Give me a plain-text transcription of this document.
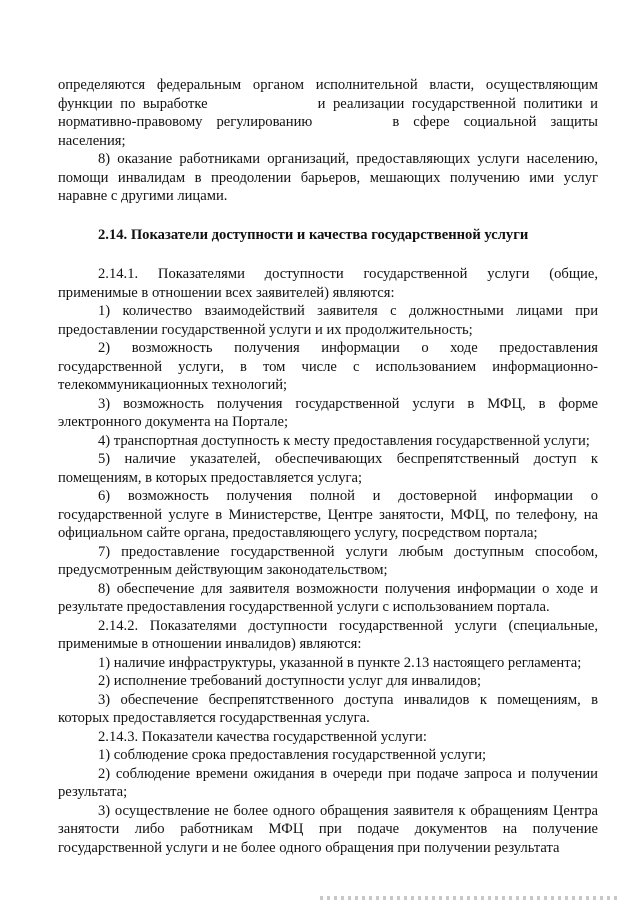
определяются федеральным органом исполнительной власти, осуществляющим функции по выработке	и реализации государственной политики и нормативно-правовому регулированию	в сфере социальной защиты населения;

8) оказание работниками организаций, предоставляющих услуги населению, помощи инвалидам в преодолении барьеров, мешающих получению ими услуг наравне с другими лицами.

2.14. Показатели доступности и качества государственной услуги

2.14.1. Показателями доступности государственной услуги (общие, применимые в отношении всех заявителей) являются:

1) количество взаимодействий заявителя с должностными лицами при предоставлении государственной услуги и их продолжительность;

2) возможность получения информации о ходе предоставления государственной услуги, в том числе с использованием информационно-телекоммуникационных технологий;

3) возможность получения государственной услуги в МФЦ, в форме электронного документа на Портале;

4) транспортная доступность к месту предоставления государственной услуги;

5) наличие указателей, обеспечивающих беспрепятственный доступ к помещениям, в которых предоставляется услуга;

6) возможность получения полной и достоверной информации о государственной услуге в Министерстве, Центре занятости, МФЦ, по телефону, на официальном сайте органа, предоставляющего услугу, посредством портала;

7) предоставление государственной услуги любым доступным способом, предусмотренным действующим законодательством;

8) обеспечение для заявителя возможности получения информации о ходе и результате предоставления государственной услуги с использованием портала.

2.14.2. Показателями доступности государственной услуги (специальные, применимые в отношении инвалидов) являются:

1) наличие инфраструктуры, указанной в пункте 2.13 настоящего регламента;

2) исполнение требований доступности услуг для инвалидов;

3) обеспечение беспрепятственного доступа инвалидов к помещениям, в которых предоставляется государственная услуга.

2.14.3. Показатели качества государственной услуги:

1) соблюдение срока предоставления государственной услуги;

2) соблюдение времени ожидания в очереди при подаче запроса и получении результата;

3) осуществление не более одного обращения заявителя к обращениям Центра занятости либо работникам МФЦ при подаче документов на получение государственной услуги и не более одного обращения при получении результата
